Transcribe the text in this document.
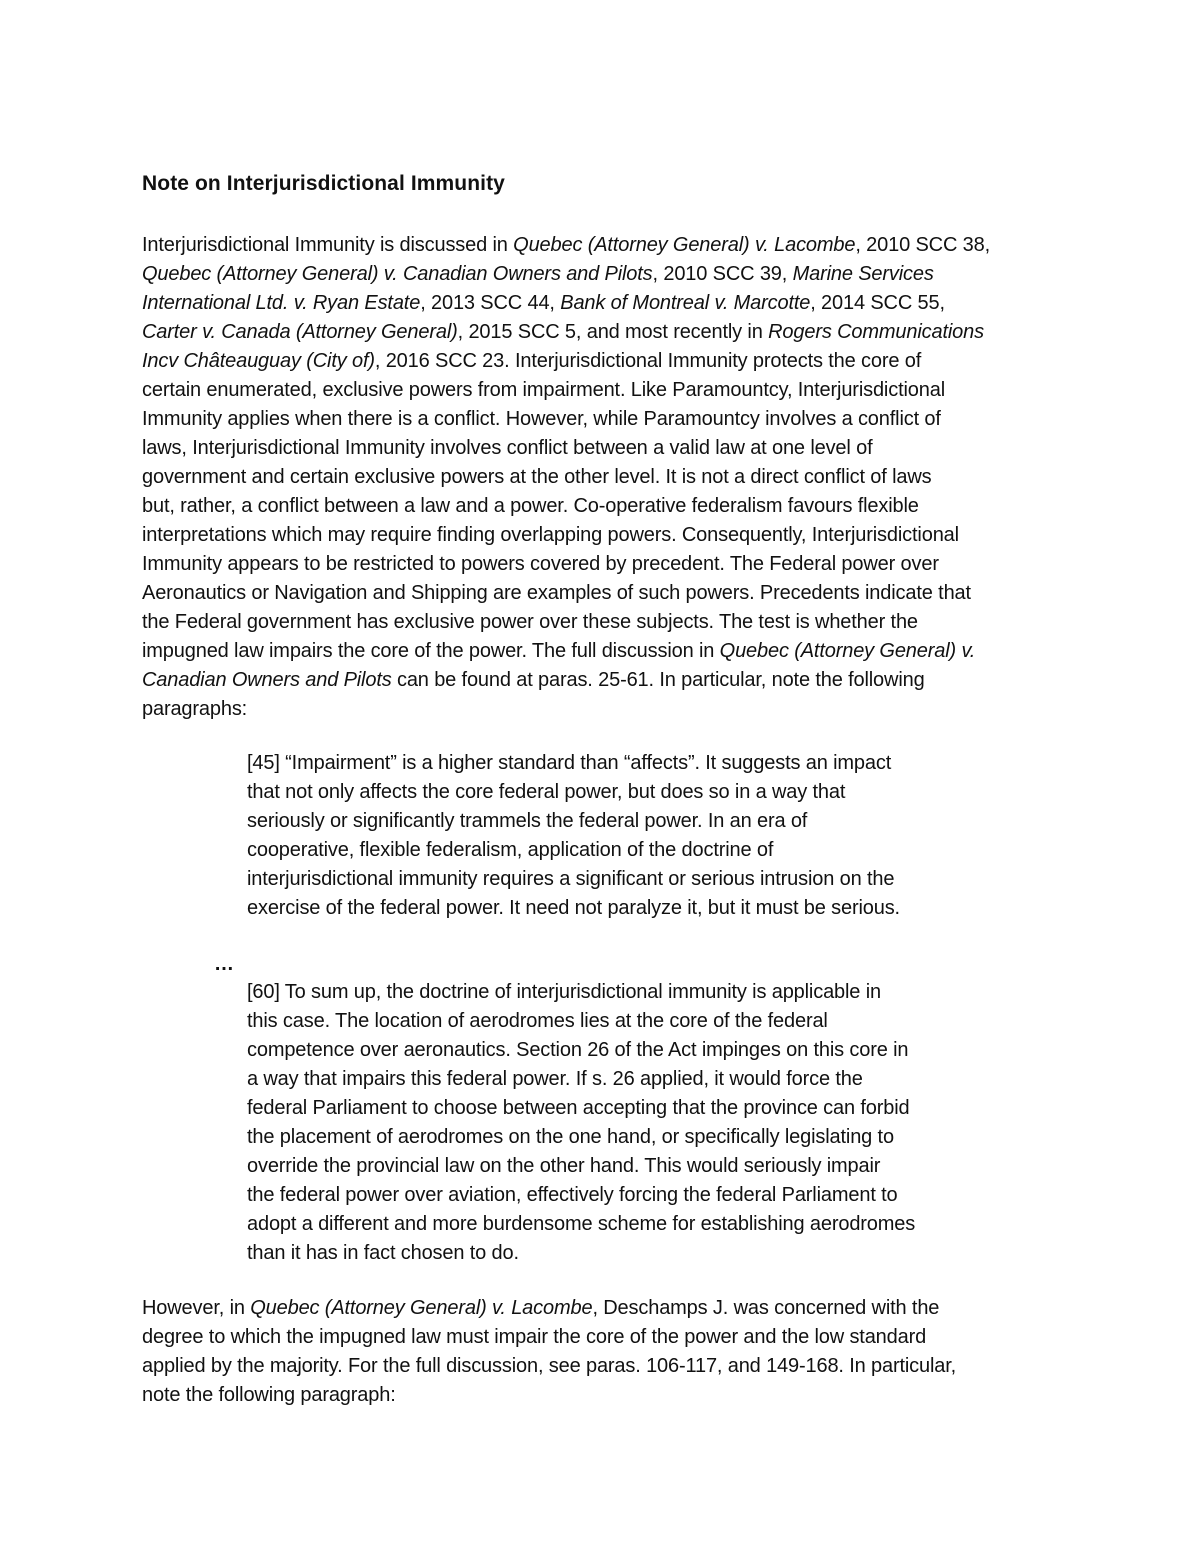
Note on Interjurisdictional Immunity
Interjurisdictional Immunity is discussed in Quebec (Attorney General) v. Lacombe, 2010 SCC 38,
Quebec (Attorney General) v. Canadian Owners and Pilots, 2010 SCC 39, Marine Services
International Ltd. v. Ryan Estate, 2013 SCC 44, Bank of Montreal v. Marcotte, 2014 SCC 55,
Carter v. Canada (Attorney General), 2015 SCC 5, and most recently in Rogers Communications
Incv Châteauguay (City of), 2016 SCC 23. Interjurisdictional Immunity protects the core of
certain enumerated, exclusive powers from impairment. Like Paramountcy, Interjurisdictional
Immunity applies when there is a conflict. However, while Paramountcy involves a conflict of
laws, Interjurisdictional Immunity involves conflict between a valid law at one level of
government and certain exclusive powers at the other level. It is not a direct conflict of laws
but, rather, a conflict between a law and a power. Co-operative federalism favours flexible
interpretations which may require finding overlapping powers. Consequently, Interjurisdictional
Immunity appears to be restricted to powers covered by precedent. The Federal power over
Aeronautics or Navigation and Shipping are examples of such powers. Precedents indicate that
the Federal government has exclusive power over these subjects. The test is whether the
impugned law impairs the core of the power. The full discussion in Quebec (Attorney General) v.
Canadian Owners and Pilots can be found at paras. 25-61. In particular, note the following
paragraphs:
[45] “Impairment” is a higher standard than “affects”. It suggests an impact
that not only affects the core federal power, but does so in a way that
seriously or significantly trammels the federal power. In an era of
cooperative, flexible federalism, application of the doctrine of
interjurisdictional immunity requires a significant or serious intrusion on the
exercise of the federal power. It need not paralyze it, but it must be serious.
…
[60] To sum up, the doctrine of interjurisdictional immunity is applicable in
this case. The location of aerodromes lies at the core of the federal
competence over aeronautics. Section 26 of the Act impinges on this core in
a way that impairs this federal power. If s. 26 applied, it would force the
federal Parliament to choose between accepting that the province can forbid
the placement of aerodromes on the one hand, or specifically legislating to
override the provincial law on the other hand. This would seriously impair
the federal power over aviation, effectively forcing the federal Parliament to
adopt a different and more burdensome scheme for establishing aerodromes
than it has in fact chosen to do.
However, in Quebec (Attorney General) v. Lacombe, Deschamps J. was concerned with the
degree to which the impugned law must impair the core of the power and the low standard
applied by the majority. For the full discussion, see paras. 106-117, and 149-168. In particular,
note the following paragraph:
